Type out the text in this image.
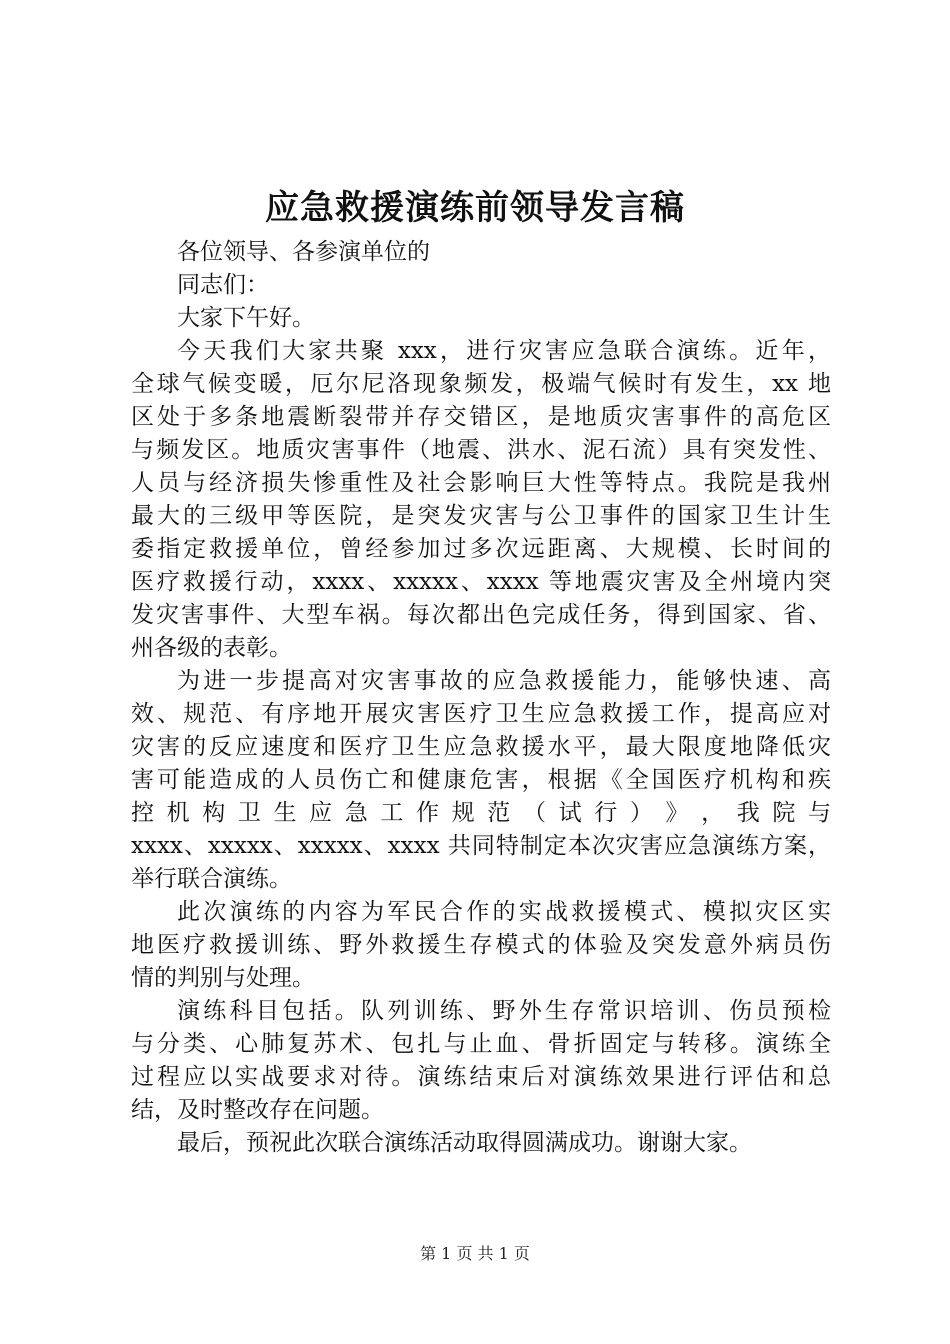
应急救援演练前领导发言稿
各位领导、各参演单位的
同志们：
大家下午好。
今天我们大家共聚 xxx，进行灾害应急联合演练。近年，
全球气候变暖，厄尔尼洛现象频发，极端气候时有发生，xx 地
区处于多条地震断裂带并存交错区，是地质灾害事件的高危区
与频发区。地质灾害事件（地震、洪水、泥石流）具有突发性、
人员与经济损失惨重性及社会影响巨大性等特点。我院是我州
最大的三级甲等医院，是突发灾害与公卫事件的国家卫生计生
委指定救援单位，曾经参加过多次远距离、大规模、长时间的
医疗救援行动，xxxx、xxxxx、xxxx 等地震灾害及全州境内突
发灾害事件、大型车祸。每次都出色完成任务，得到国家、省、
州各级的表彰。
为进一步提高对灾害事故的应急救援能力，能够快速、高
效、规范、有序地开展灾害医疗卫生应急救援工作，提高应对
灾害的反应速度和医疗卫生应急救援水平，最大限度地降低灾
害可能造成的人员伤亡和健康危害，根据《全国医疗机构和疾
控 机 构 卫 生 应 急 工 作 规 范 （ 试 行 ） 》 ， 我 院 与
xxxx、xxxxx、xxxxx、xxxx 共同特制定本次灾害应急演练方案，
举行联合演练。
此次演练的内容为军民合作的实战救援模式、模拟灾区实
地医疗救援训练、野外救援生存模式的体验及突发意外病员伤
情的判别与处理。
演练科目包括。队列训练、野外生存常识培训、伤员预检
与分类、心肺复苏术、包扎与止血、骨折固定与转移。演练全
过程应以实战要求对待。演练结束后对演练效果进行评估和总
结，及时整改存在问题。
最后，预祝此次联合演练活动取得圆满成功。谢谢大家。
第 1 页 共 1 页
